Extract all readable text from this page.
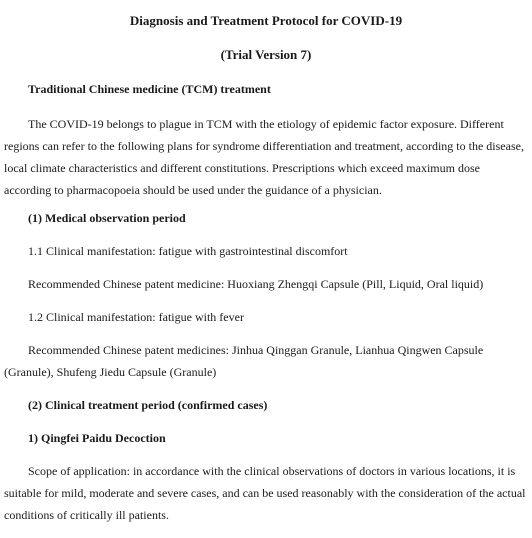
Diagnosis and Treatment Protocol for COVID-19

(Trial Version 7)

Traditional Chinese medicine (TCM) treatment

The COVID-19 belongs to plague in TCM with the etiology of epidemic factor exposure. Different regions can refer to the following plans for syndrome differentiation and treatment, according to the disease, local climate characteristics and different constitutions. Prescriptions which exceed maximum dose according to pharmacopoeia should be used under the guidance of a physician.

(1) Medical observation period

1.1 Clinical manifestation: fatigue with gastrointestinal discomfort

Recommended Chinese patent medicine: Huoxiang Zhengqi Capsule (Pill, Liquid, Oral liquid)

1.2 Clinical manifestation: fatigue with fever

Recommended Chinese patent medicines: Jinhua Qinggan Granule, Lianhua Qingwen Capsule (Granule), Shufeng Jiedu Capsule (Granule)

(2) Clinical treatment period (confirmed cases)

1) Qingfei Paidu Decoction

Scope of application: in accordance with the clinical observations of doctors in various locations, it is suitable for mild, moderate and severe cases, and can be used reasonably with the consideration of the actual conditions of critically ill patients.
